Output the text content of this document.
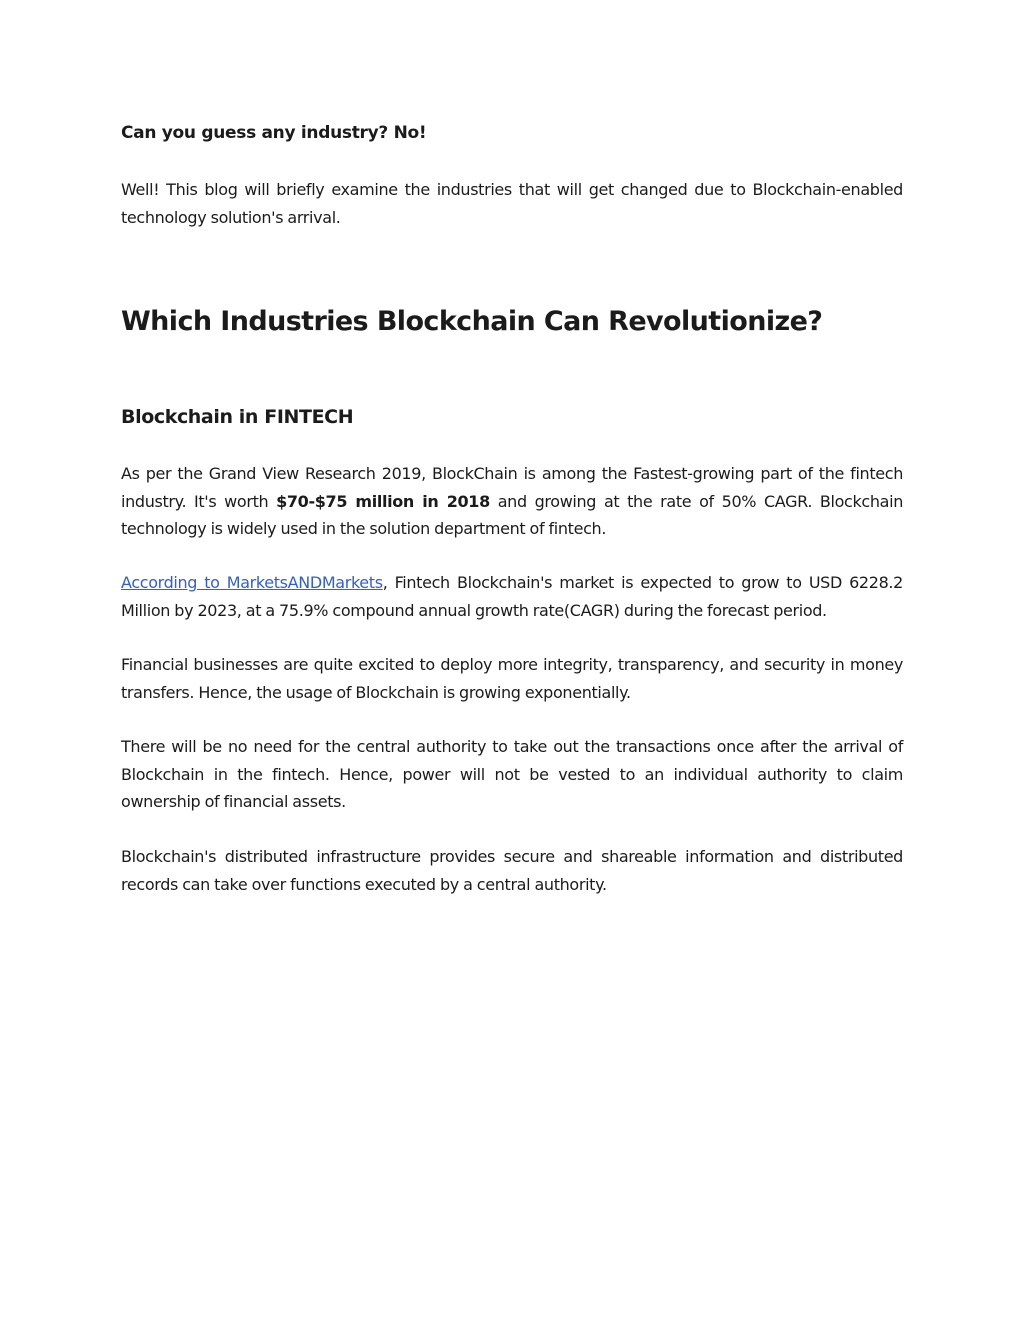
Can you guess any industry? No!

Well! This blog will briefly examine the industries that will get changed due to Blockchain-enabled technology solution's arrival.

Which Industries Blockchain Can Revolutionize?
Blockchain in FINTECH

As per the Grand View Research 2019, BlockChain is among the Fastest-growing part of the fintech industry. It's worth $70-$75 million in 2018 and growing at the rate of 50% CAGR. Blockchain technology is widely used in the solution department of fintech.

According to MarketsANDMarkets, Fintech Blockchain's market is expected to grow to USD 6228.2 Million by 2023, at a 75.9% compound annual growth rate(CAGR) during the forecast period.

Financial businesses are quite excited to deploy more integrity, transparency, and security in money transfers. Hence, the usage of Blockchain is growing exponentially.

There will be no need for the central authority to take out the transactions once after the arrival of Blockchain in the fintech. Hence, power will not be vested to an individual authority to claim ownership of financial assets.

Blockchain's distributed infrastructure provides secure and shareable information and distributed records can take over functions executed by a central authority.
